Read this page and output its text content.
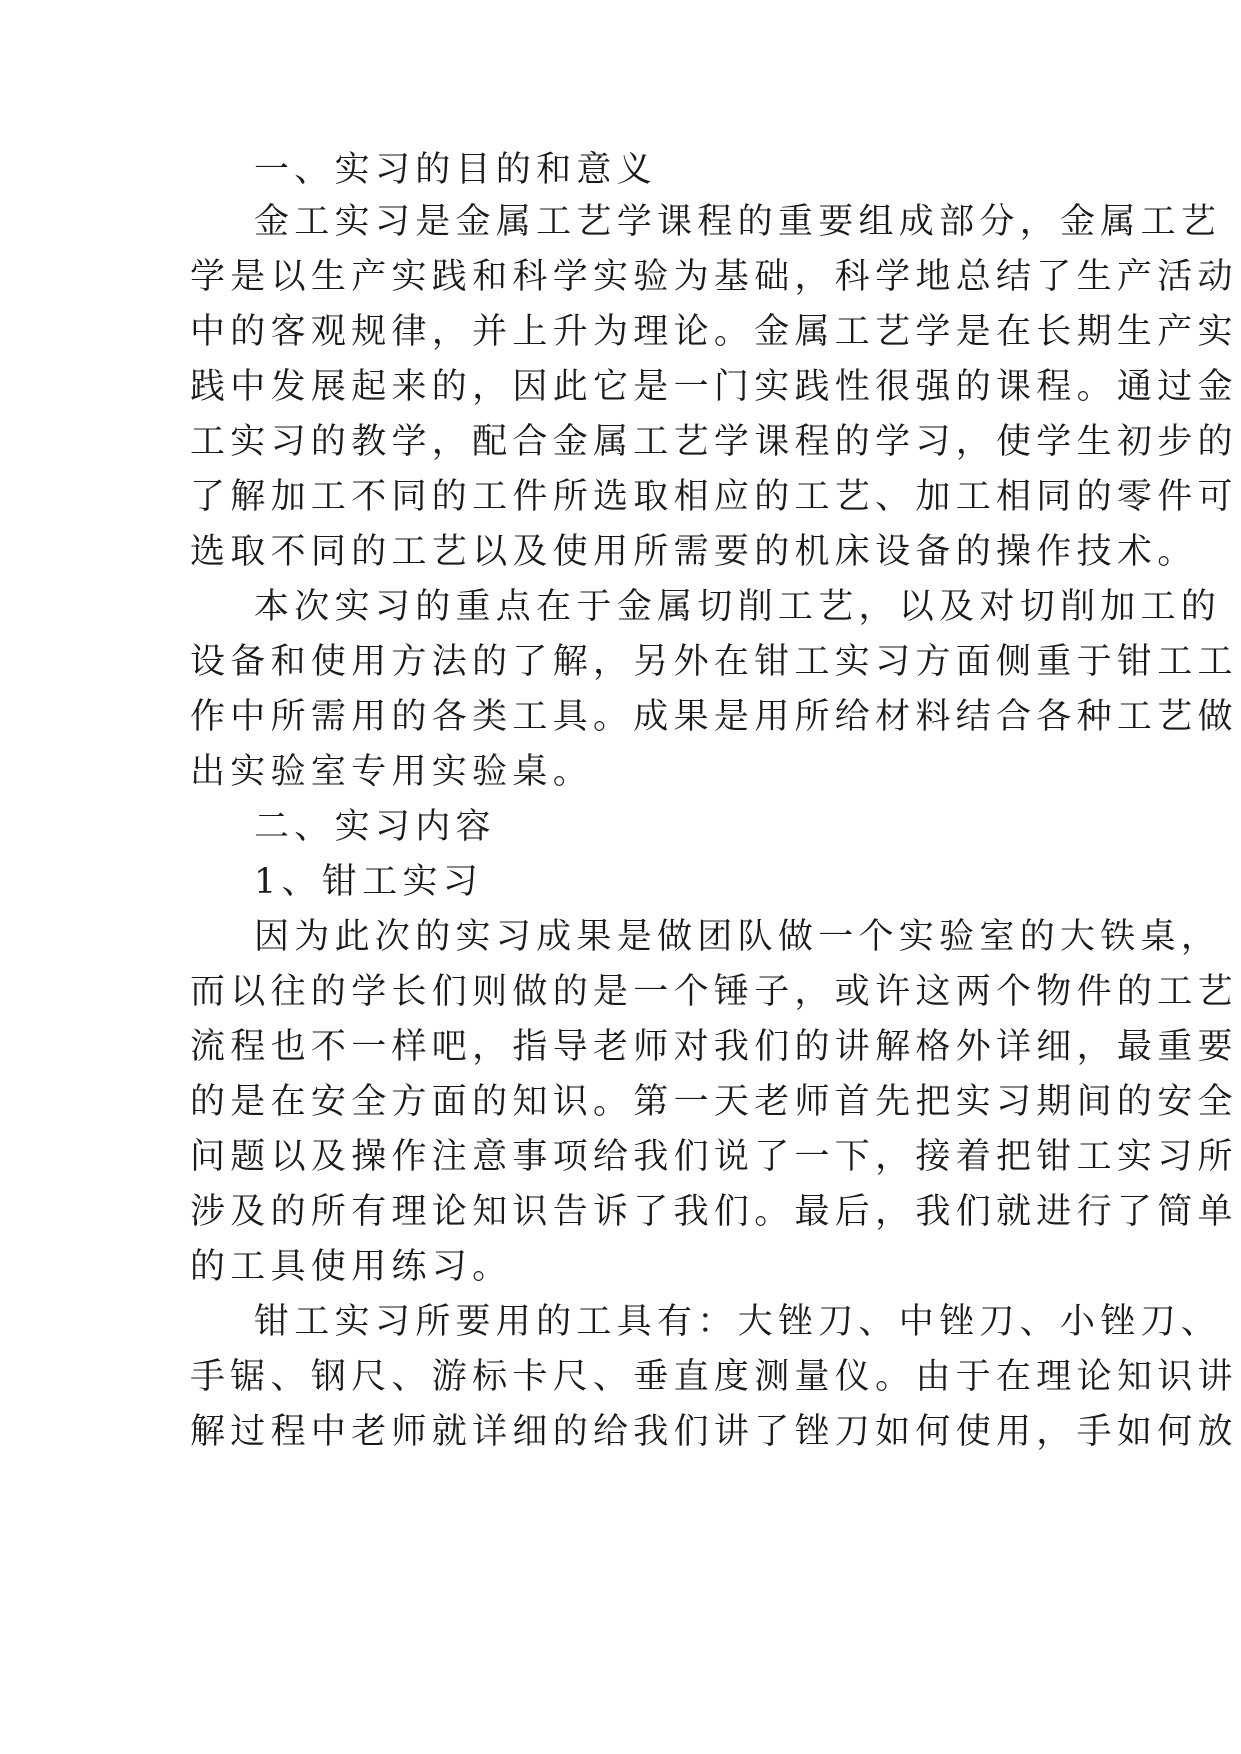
一、实习的目的和意义
金工实习是金属工艺学课程的重要组成部分，金属工艺
学是以生产实践和科学实验为基础，科学地总结了生产活动
中的客观规律，并上升为理论。金属工艺学是在长期生产实
践中发展起来的，因此它是一门实践性很强的课程。通过金
工实习的教学，配合金属工艺学课程的学习，使学生初步的
了解加工不同的工件所选取相应的工艺、加工相同的零件可
选取不同的工艺以及使用所需要的机床设备的操作技术。
本次实习的重点在于金属切削工艺，以及对切削加工的
设备和使用方法的了解，另外在钳工实习方面侧重于钳工工
作中所需用的各类工具。成果是用所给材料结合各种工艺做
出实验室专用实验桌。
二、实习内容
1、钳工实习
因为此次的实习成果是做团队做一个实验室的大铁桌，
而以往的学长们则做的是一个锤子，或许这两个物件的工艺
流程也不一样吧，指导老师对我们的讲解格外详细，最重要
的是在安全方面的知识。第一天老师首先把实习期间的安全
问题以及操作注意事项给我们说了一下，接着把钳工实习所
涉及的所有理论知识告诉了我们。最后，我们就进行了简单
的工具使用练习。
钳工实习所要用的工具有：大锉刀、中锉刀、小锉刀、
手锯、钢尺、游标卡尺、垂直度测量仪。由于在理论知识讲
解过程中老师就详细的给我们讲了锉刀如何使用，手如何放
